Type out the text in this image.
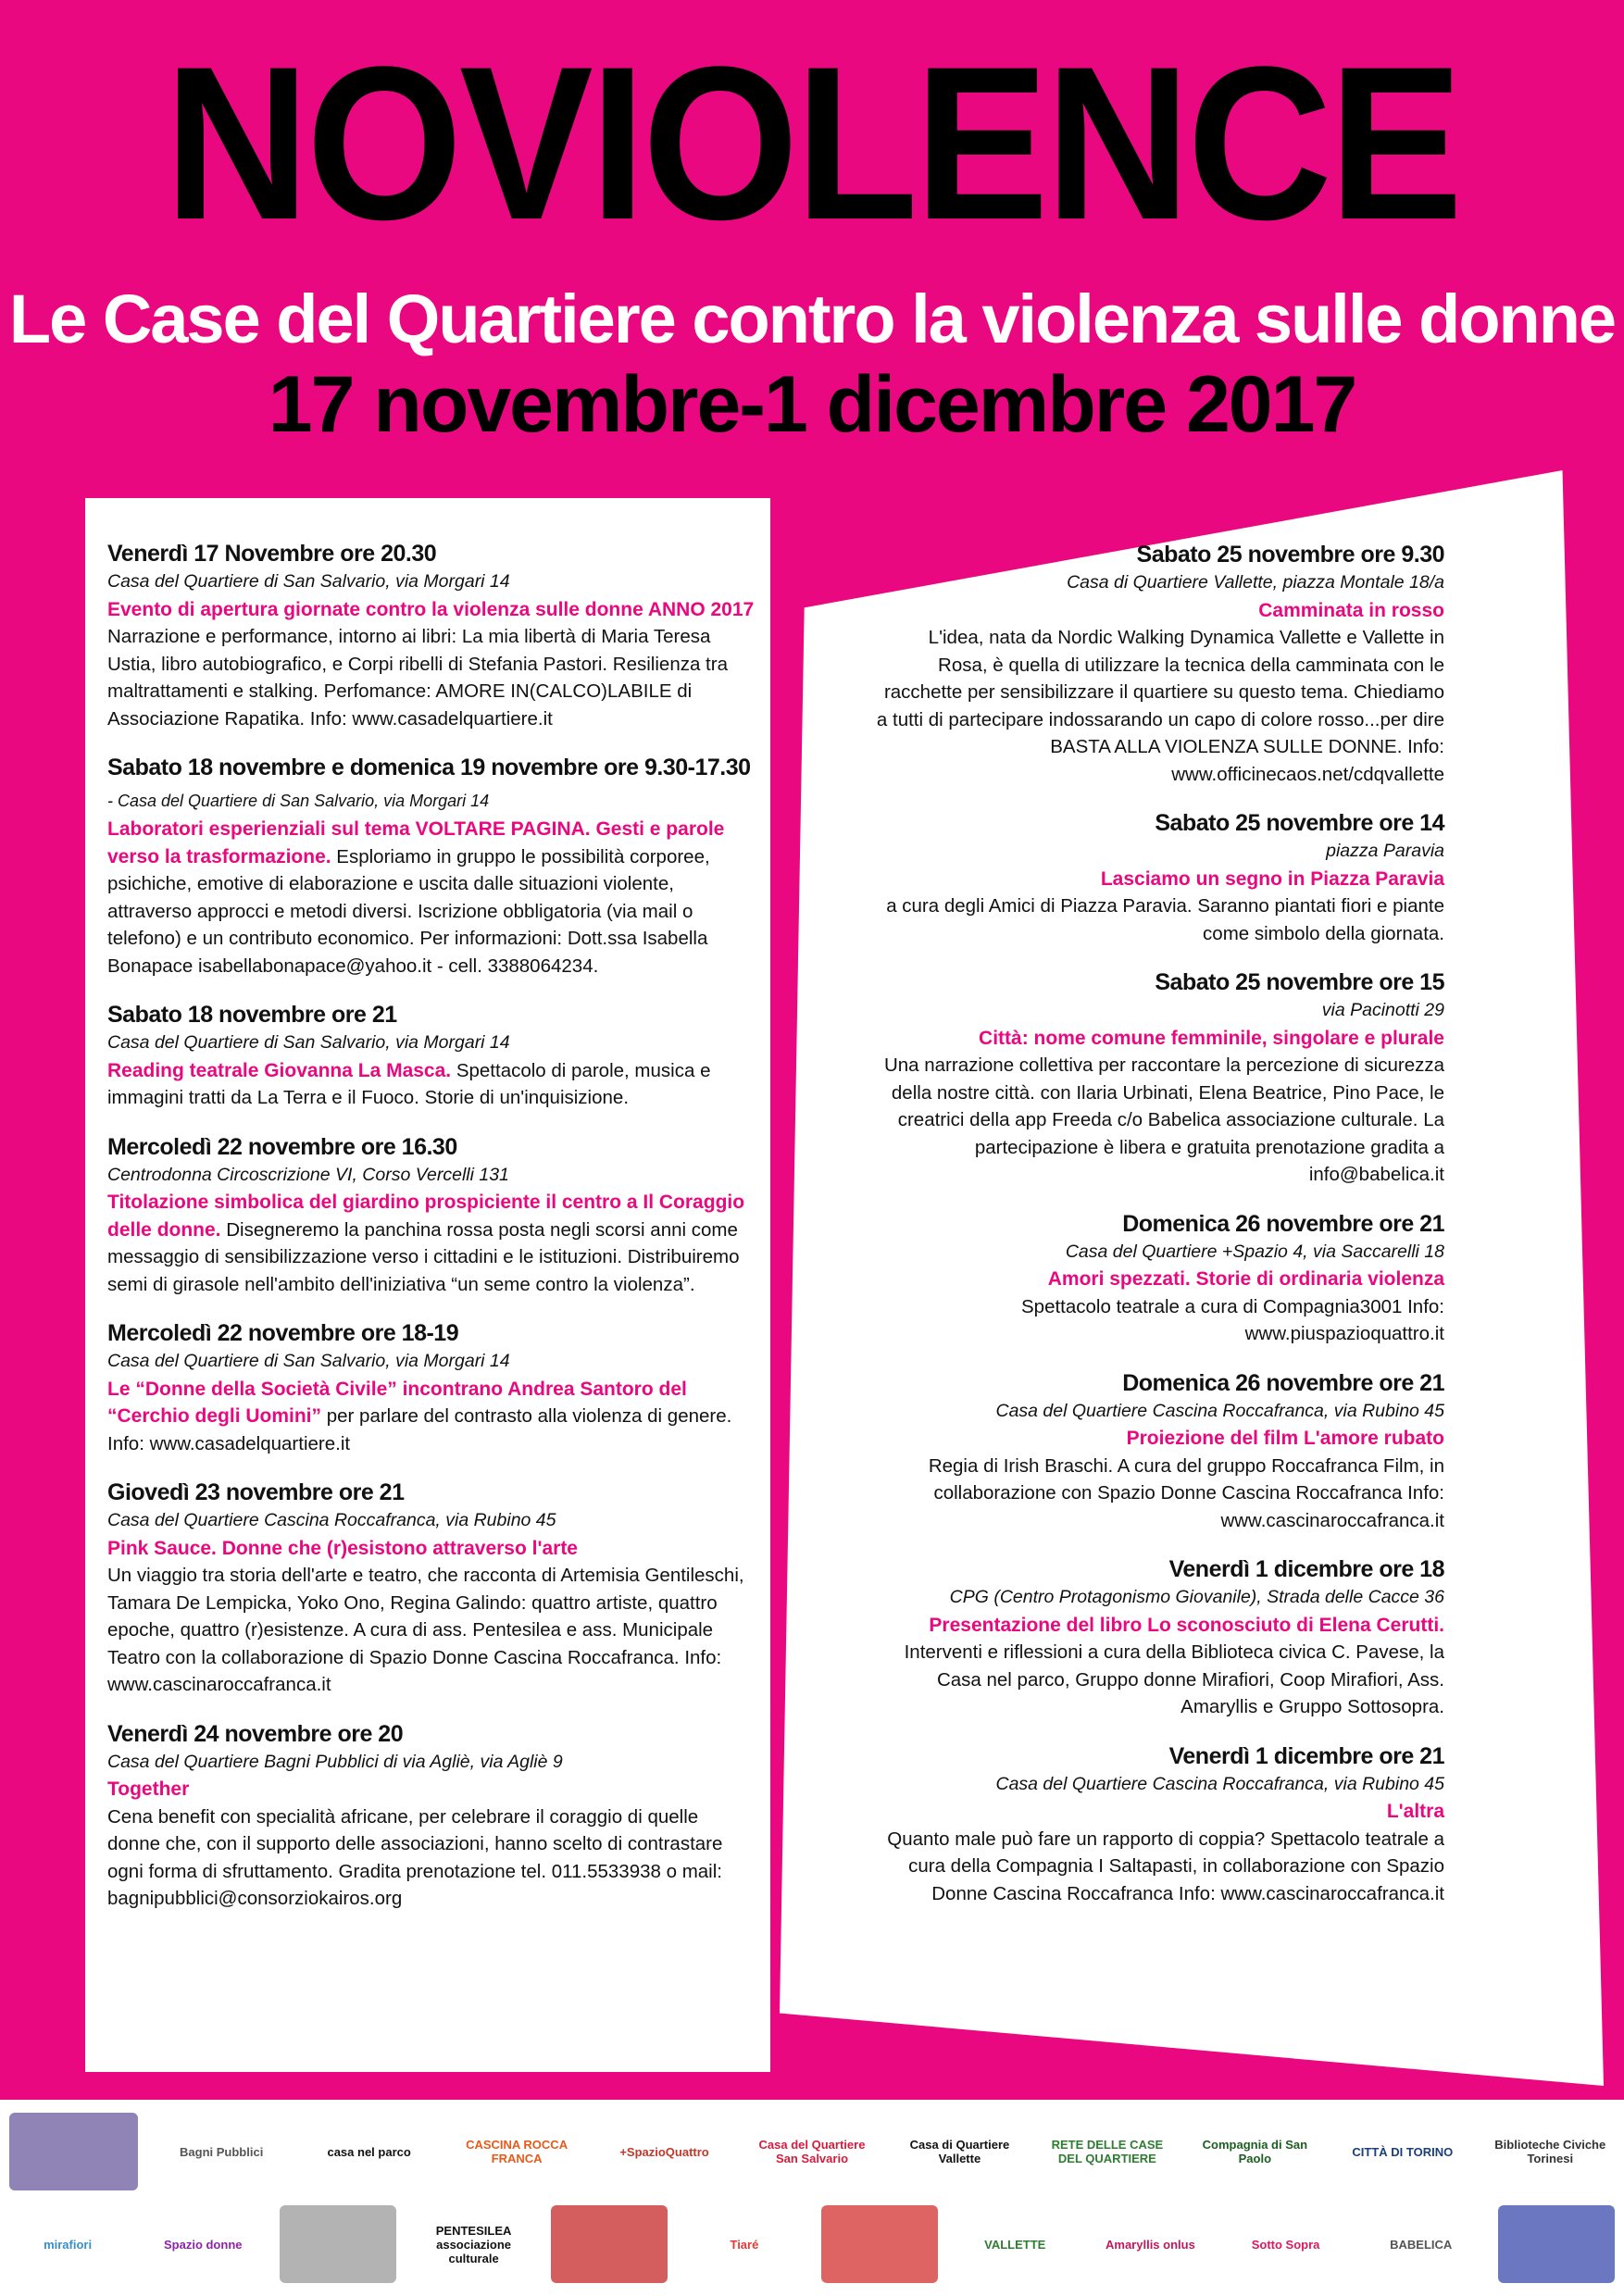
NOVIOLENCE
Le Case del Quartiere contro la violenza sulle donne
17 novembre-1 dicembre 2017
Venerdì 17 Novembre ore 20.30
Casa del Quartiere di San Salvario, via Morgari 14
Evento di apertura giornate contro la violenza sulle donne ANNO 2017
Narrazione e performance, intorno ai libri: La mia libertà di Maria Teresa Ustia, libro autobiografico, e Corpi ribelli di Stefania Pastori. Resilienza tra maltrattamenti e stalking. Perfomance: AMORE IN(CALCO)LABILE di Associazione Rapatika. Info: www.casadelquartiere.it
Sabato 18 novembre e domenica 19 novembre ore 9.30-17.30 - Casa del Quartiere di San Salvario, via Morgari 14
Laboratori esperienziali sul tema VOLTARE PAGINA. Gesti e parole verso la trasformazione. Esploriamo in gruppo le possibilità corporee, psichiche, emotive di elaborazione e uscita dalle situazioni violente, attraverso approcci e metodi diversi. Iscrizione obbligatoria (via mail o telefono) e un contributo economico. Per informazioni: Dott.ssa Isabella Bonapace isabellabonapace@yahoo.it - cell. 3388064234.
Sabato 18 novembre ore 21
Casa del Quartiere di San Salvario, via Morgari 14
Reading teatrale Giovanna La Masca. Spettacolo di parole, musica e immagini tratti da La Terra e il Fuoco. Storie di un'inquisizione.
Mercoledì 22 novembre ore 16.30
Centrodonna Circoscrizione VI, Corso Vercelli 131
Titolazione simbolica del giardino prospiciente il centro a Il Coraggio delle donne. Disegneremo la panchina rossa posta negli scorsi anni come messaggio di sensibilizzazione verso i cittadini e le istituzioni. Distribuiremo semi di girasole nell'ambito dell'iniziativa “un seme contro la violenza”.
Mercoledì 22 novembre ore 18-19
Casa del Quartiere di San Salvario, via Morgari 14
Le “Donne della Società Civile” incontrano Andrea Santoro del “Cerchio degli Uomini” per parlare del contrasto alla violenza di genere. Info: www.casadelquartiere.it
Giovedì 23 novembre ore 21
Casa del Quartiere Cascina Roccafranca, via Rubino 45
Pink Sauce. Donne che (r)esistono attraverso l'arte
Un viaggio tra storia dell'arte e teatro, che racconta di Artemisia Gentileschi, Tamara De Lempicka, Yoko Ono, Regina Galindo: quattro artiste, quattro epoche, quattro (r)esistenze. A cura di ass. Pentesilea e ass. Municipale Teatro con la collaborazione di Spazio Donne Cascina Roccafranca. Info: www.cascinaroccafranca.it
Venerdì 24 novembre ore 20
Casa del Quartiere Bagni Pubblici di via Agliè, via Agliè 9
Together
Cena benefit con specialità africane, per celebrare il coraggio di quelle donne che, con il supporto delle associazioni, hanno scelto di contrastare ogni forma di sfruttamento. Gradita prenotazione tel. 011.5533938 o mail: bagnipubblici@consorziokairos.org
Sabato 25 novembre ore 9.30
Casa di Quartiere Vallette, piazza Montale 18/a
Camminata in rosso
L'idea, nata da Nordic Walking Dynamica Vallette e Vallette in Rosa, è quella di utilizzare la tecnica della camminata con le racchette per sensibilizzare il quartiere su questo tema. Chiediamo a tutti di partecipare indossarando un capo di colore rosso...per dire BASTA ALLA VIOLENZA SULLE DONNE. Info: www.officinecaos.net/cdqvallette
Sabato 25 novembre ore 14
piazza Paravia
Lasciamo un segno in Piazza Paravia
a cura degli Amici di Piazza Paravia. Saranno piantati fiori e piante come simbolo della giornata.
Sabato 25 novembre ore 15
via Pacinotti 29
Città: nome comune femminile, singolare e plurale
Una narrazione collettiva per raccontare la percezione di sicurezza della nostre città. con Ilaria Urbinati, Elena Beatrice, Pino Pace, le creatrici della app Freeda c/o Babelica associazione culturale. La partecipazione è libera e gratuita prenotazione gradita a info@babelica.it
Domenica 26 novembre ore 21
Casa del Quartiere +Spazio 4, via Saccarelli 18
Amori spezzati. Storie di ordinaria violenza
Spettacolo teatrale a cura di Compagnia3001 Info: www.piuspazioquattro.it
Domenica 26 novembre ore 21
Casa del Quartiere Cascina Roccafranca, via Rubino 45
Proiezione del film L'amore rubato
Regia di Irish Braschi. A cura del gruppo Roccafranca Film, in collaborazione con Spazio Donne Cascina Roccafranca Info: www.cascinaroccafranca.it
Venerdì 1 dicembre ore 18
CPG (Centro Protagonismo Giovanile), Strada delle Cacce 36
Presentazione del libro Lo sconosciuto di Elena Cerutti.
Interventi e riflessioni a cura della Biblioteca civica C. Pavese, la Casa nel parco, Gruppo donne Mirafiori, Coop Mirafiori, Ass. Amaryllis e Gruppo Sottosopra.
Venerdì 1 dicembre ore 21
Casa del Quartiere Cascina Roccafranca, via Rubino 45
L'altra
Quanto male può fare un rapporto di coppia? Spettacolo teatrale a cura della Compagnia I Saltapasti, in collaborazione con Spazio Donne Cascina Roccafranca Info: www.cascinaroccafranca.it
Bagni Pubblici	casa nel parco	CASCINA ROCCA FRANCA	+SpazioQuattro	Casa del Quartiere San Salvario
Casa di Quartiere Vallette
RETE DELLE CASE DEL QUARTIERE
Compagnia di San Paolo	CITTÀ DI TORINO	Biblioteche Civiche Torinesi
mirafiori	Spazio donne
PENTESILEA associazione culturale
Tiaré	VALLETTE	Amaryllis onlus	Sotto Sopra	BABELICA
